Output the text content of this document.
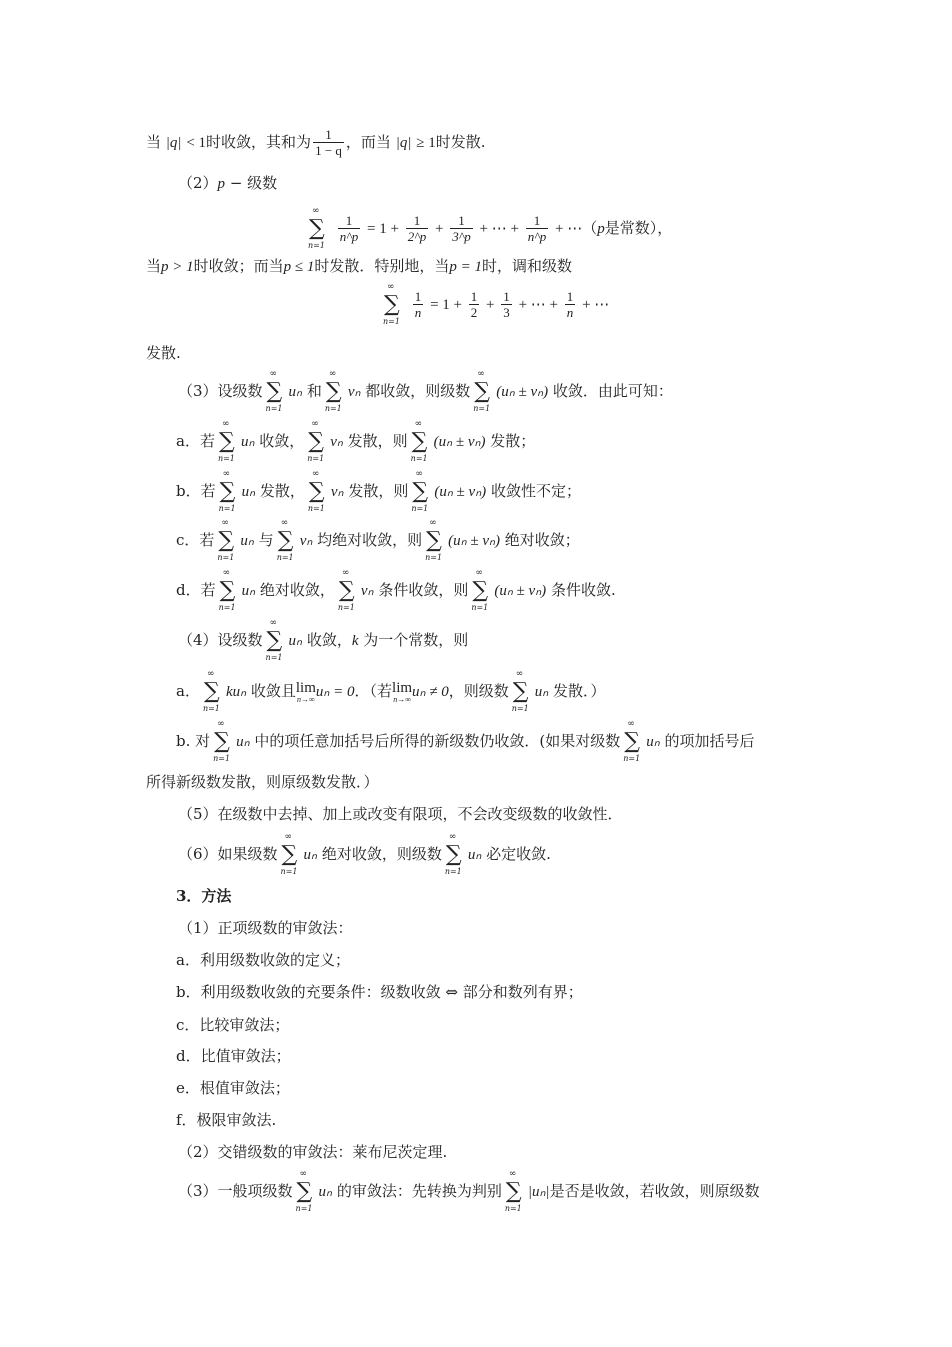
当 |q| < 1时收敛，其和为 $\frac{1}{1 - q}$ ，而当 |q| ≥ 1时发散.
（2）p − 级数
∞
∑
n=1

$\frac{1}{n\^{}p} = 1 + \frac{1}{2\^{}p} + \frac{1}{3\^{}p}$ + ⋯ + $\frac{1}{n\^{}p}$ + ⋯（p是常数），
当p > 1时收敛；而当p ≤ 1时发散．特别地，当p = 1时，调和级数
∞
∑
n=1

$\frac{1}{n} = 1 + \frac{1}{2} + \frac{1}{3}$ + ⋯ + $\frac{1}{n}$ + ⋯
发散.
（3）设级数
∞
∑
n=1
uₙ 和
∞
∑
n=1
vₙ 都收敛，则级数
∞
∑
n=1
(uₙ ± vₙ) 收敛．由此可知：
a．若
∞
∑
n=1
uₙ 收敛，
∞
∑
n=1
vₙ 发散，则
∞
∑
n=1
(uₙ ± vₙ) 发散；
b．若
∞
∑
n=1
uₙ 发散，
∞
∑
n=1
vₙ 发散，则
∞
∑
n=1
(uₙ ± vₙ) 收敛性不定；
c．若
∞
∑
n=1
uₙ 与
∞
∑
n=1
vₙ 均绝对收敛，则
∞
∑
n=1
(uₙ ± vₙ) 绝对收敛；
d．若
∞
∑
n=1
uₙ 绝对收敛，
∞
∑
n=1
vₙ 条件收敛，则
∞
∑
n=1
(uₙ ± vₙ) 条件收敛.
（4）设级数
∞
∑
n=1
uₙ 收敛，k 为一个常数，则
a．
∞
∑
n=1
kuₙ 收敛且 lim
n→∞ uₙ = 0．（若 lim
n→∞ uₙ ≠ 0，则级数
∞
∑
n=1
uₙ 发散．）
b. 对
∞
∑
n=1
uₙ 中的项任意加括号后所得的新级数仍收敛．(如果对级数
∞
∑
n=1
uₙ 的项加括号后
所得新级数发散，则原级数发散．）
（5）在级数中去掉、加上或改变有限项，不会改变级数的收敛性．
（6）如果级数
∞
∑
n=1
uₙ 绝对收敛，则级数
∞
∑
n=1
uₙ 必定收敛.
3．方法
（1）正项级数的审敛法：
a．利用级数收敛的定义；
b．利用级数收敛的充要条件：级数收敛 ⇔ 部分和数列有界；
c．比较审敛法；
d．比值审敛法；
e．根值审敛法；
f．极限审敛法.
（2）交错级数的审敛法：莱布尼茨定理.
（3）一般项级数
∞
∑
n=1
uₙ 的审敛法：先转换为判别
∞
∑
n=1
|uₙ|是否是收敛，若收敛，则原级数
